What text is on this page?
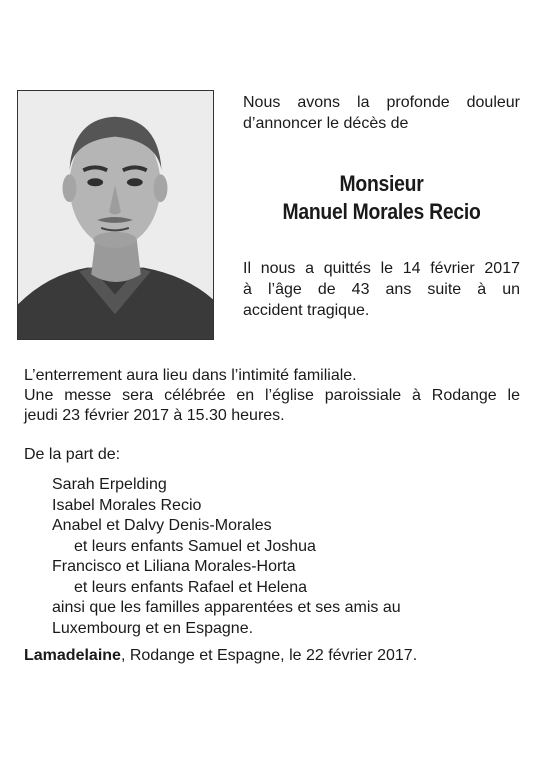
Nous avons la profonde douleur
d’annoncer le décès de
Monsieur
Manuel Morales Recio
Il nous a quittés le 14 février 2017
à l’âge de 43 ans suite à un
accident tragique.
L’enterrement aura lieu dans l’intimité familiale.
Une messe sera célébrée en l’église paroissiale à Rodange le
jeudi 23 février 2017 à 15.30 heures.
De la part de:
Sarah Erpelding
Isabel Morales Recio
Anabel et Dalvy Denis-Morales
et leurs enfants Samuel et Joshua
Francisco et Liliana Morales-Horta
et leurs enfants Rafael et Helena
ainsi que les familles apparentées et ses amis au
Luxembourg et en Espagne.
Lamadelaine, Rodange et Espagne, le 22 février 2017.
